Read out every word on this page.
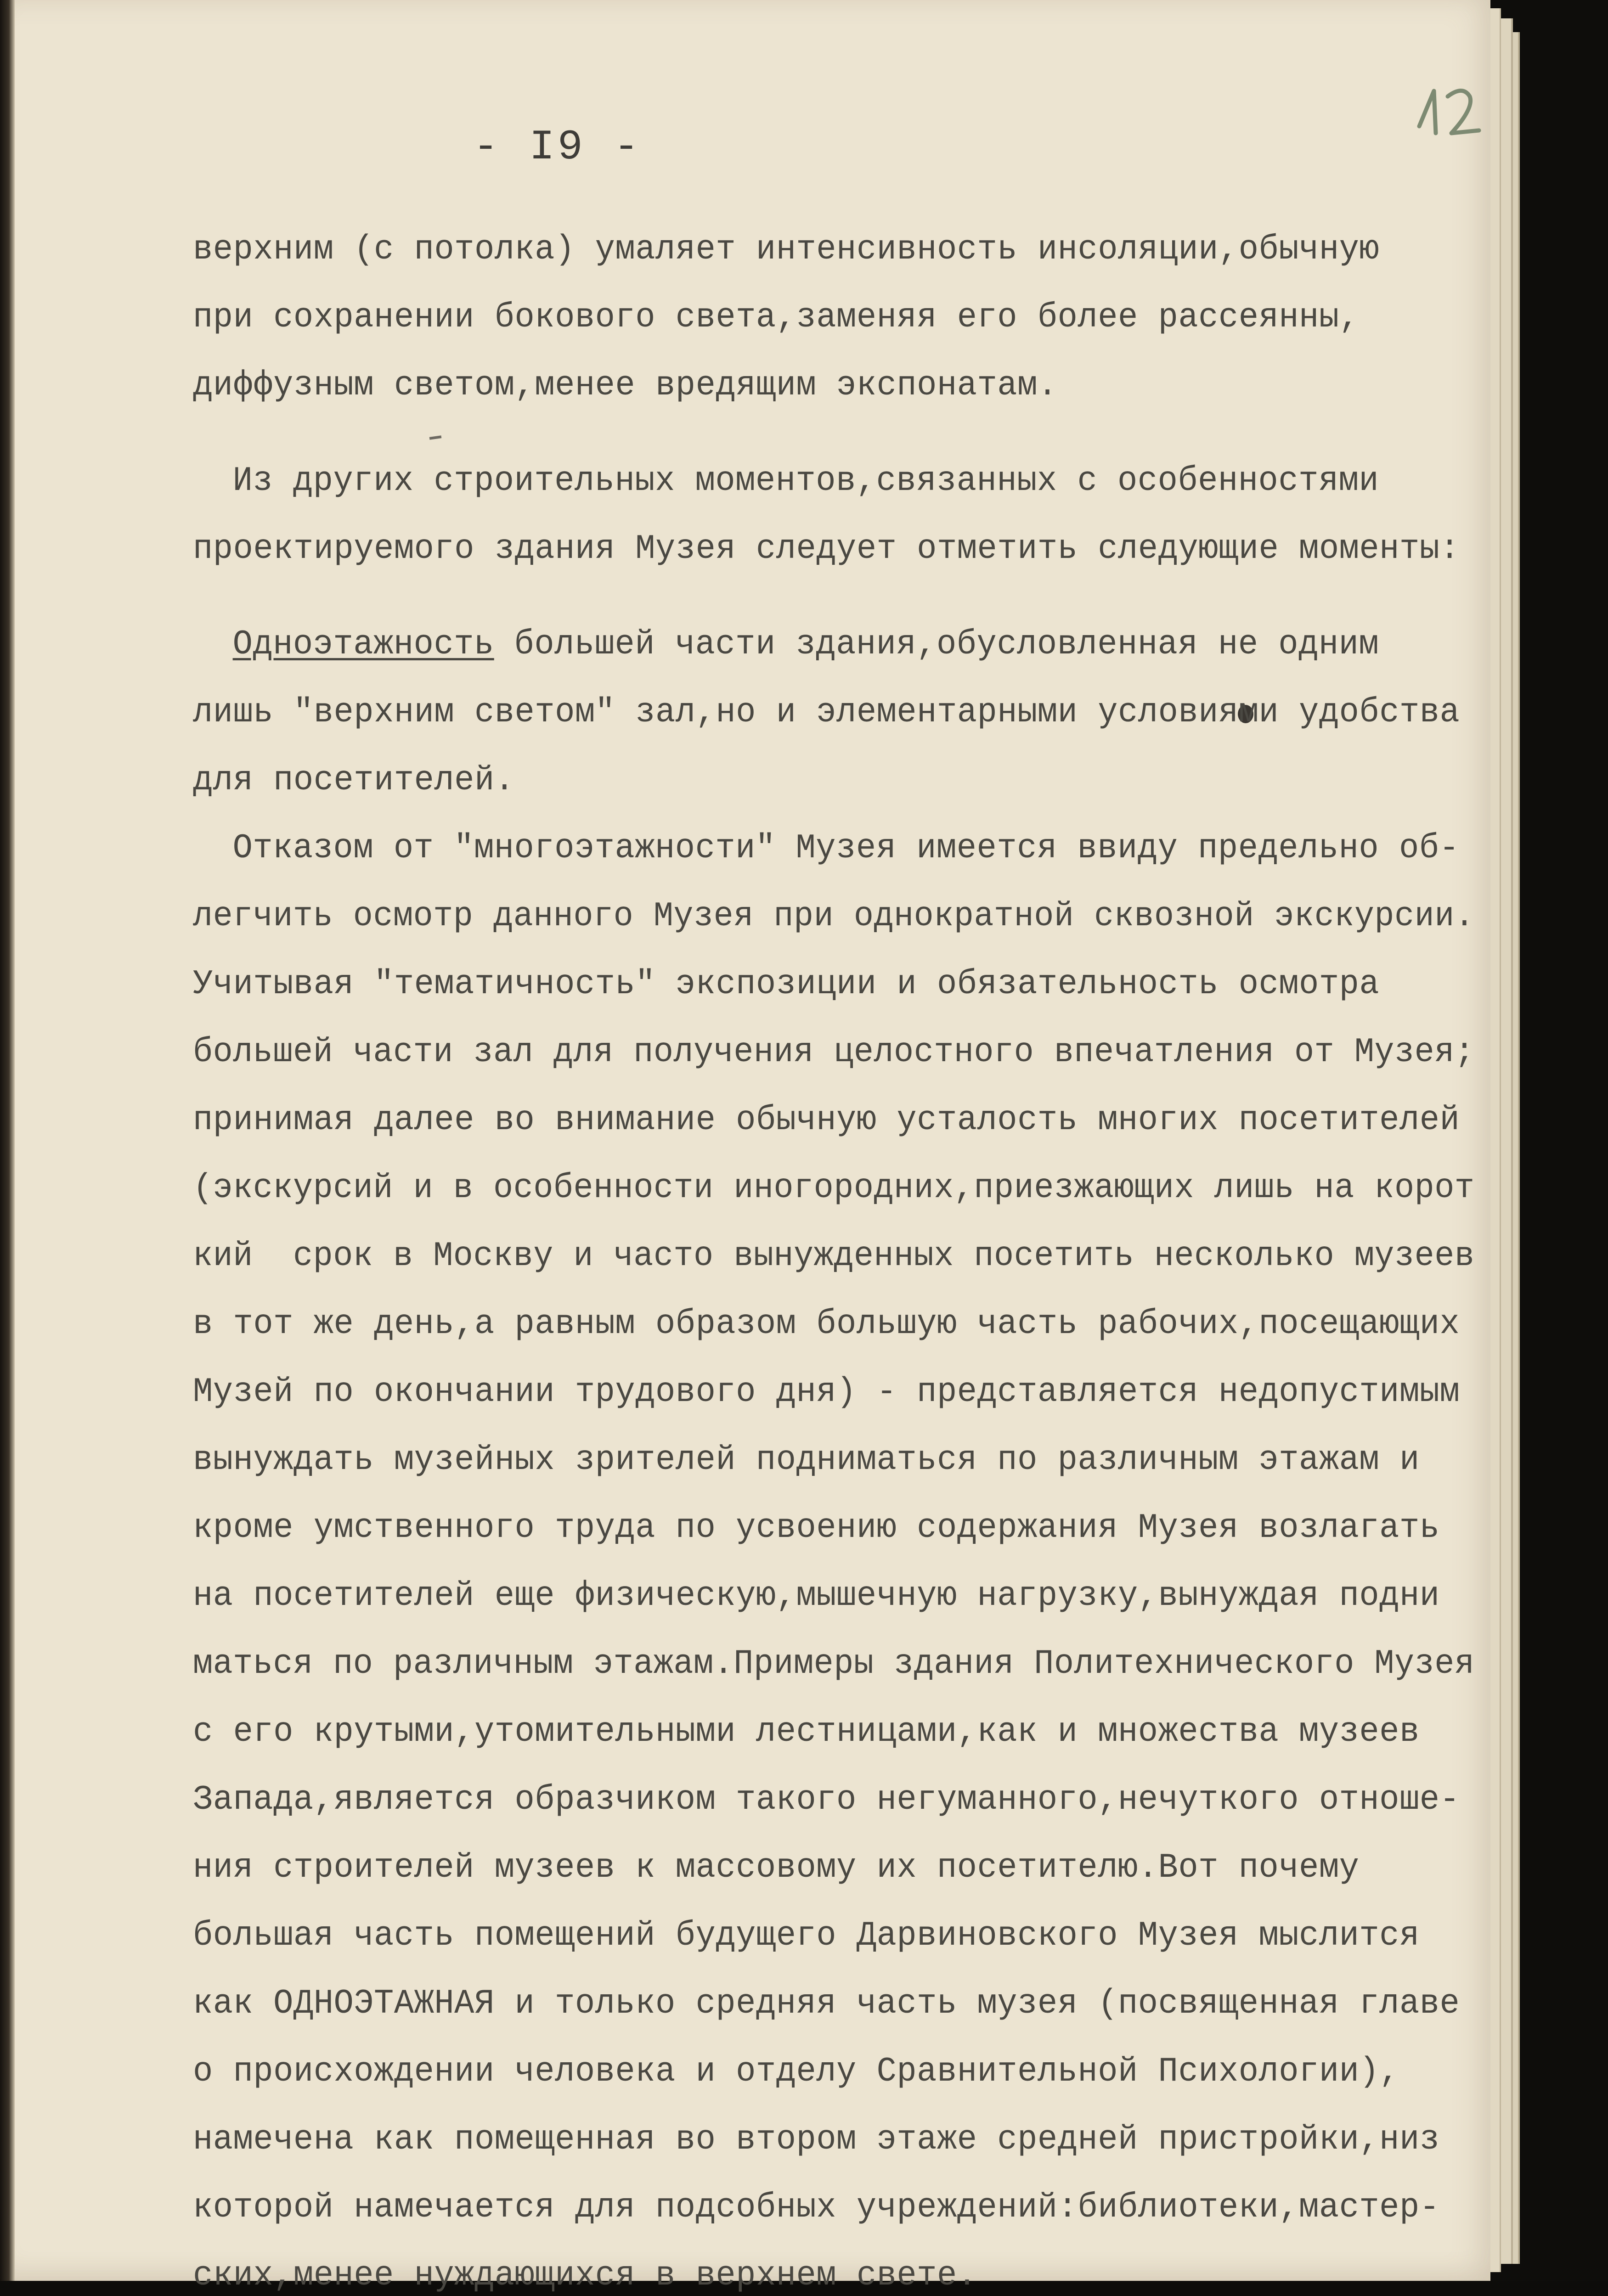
- I9 -
верхним (с потолка) умаляет интенсивность инсоляции,обычную
при сохранении бокового света,заменяя его более рассеянны,
диффузным светом,менее вредящим экспонатам.
Из других строительных моментов,связанных с особенностями
проектируемого здания Музея следует отметить следующие моменты:
Одноэтажность большей части здания,обусловленная не одним
лишь "верхним светом" зал,но и элементарными условиями удобства
для посетителей.
Отказом от "многоэтажности" Музея имеется ввиду предельно об-
легчить осмотр данного Музея при однократной сквозной экскурсии.
Учитывая "тематичность" экспозиции и обязательность осмотра
большей части зал для получения целостного впечатления от Музея;
принимая далее во внимание обычную усталость многих посетителей
(экскурсий и в особенности иногородних,приезжающих лишь на корот
кий  срок в Москву и часто вынужденных посетить несколько музеев
в тот же день,а равным образом большую часть рабочих,посещающих
Музей по окончании трудового дня) - представляется недопустимым
вынуждать музейных зрителей подниматься по различным этажам и
кроме умственного труда по усвоению содержания Музея возлагать
на посетителей еще физическую,мышечную нагрузку,вынуждая подни
маться по различным этажам.Примеры здания Политехнического Музея
с его крутыми,утомительными лестницами,как и множества музеев
Запада,является образчиком такого негуманного,нечуткого отноше-
ния строителей музеев к массовому их посетителю.Вот почему
большая часть помещений будущего Дарвиновского Музея мыслится
как ОДНОЭТАЖНАЯ и только средняя часть музея (посвященная главе
о происхождении человека и отделу Сравнительной Психологии),
намечена как помещенная во втором этаже средней пристройки,низ
которой намечается для подсобных учреждений:библиотеки,мастер-
ских,менее нуждающихся в верхнем свете.
